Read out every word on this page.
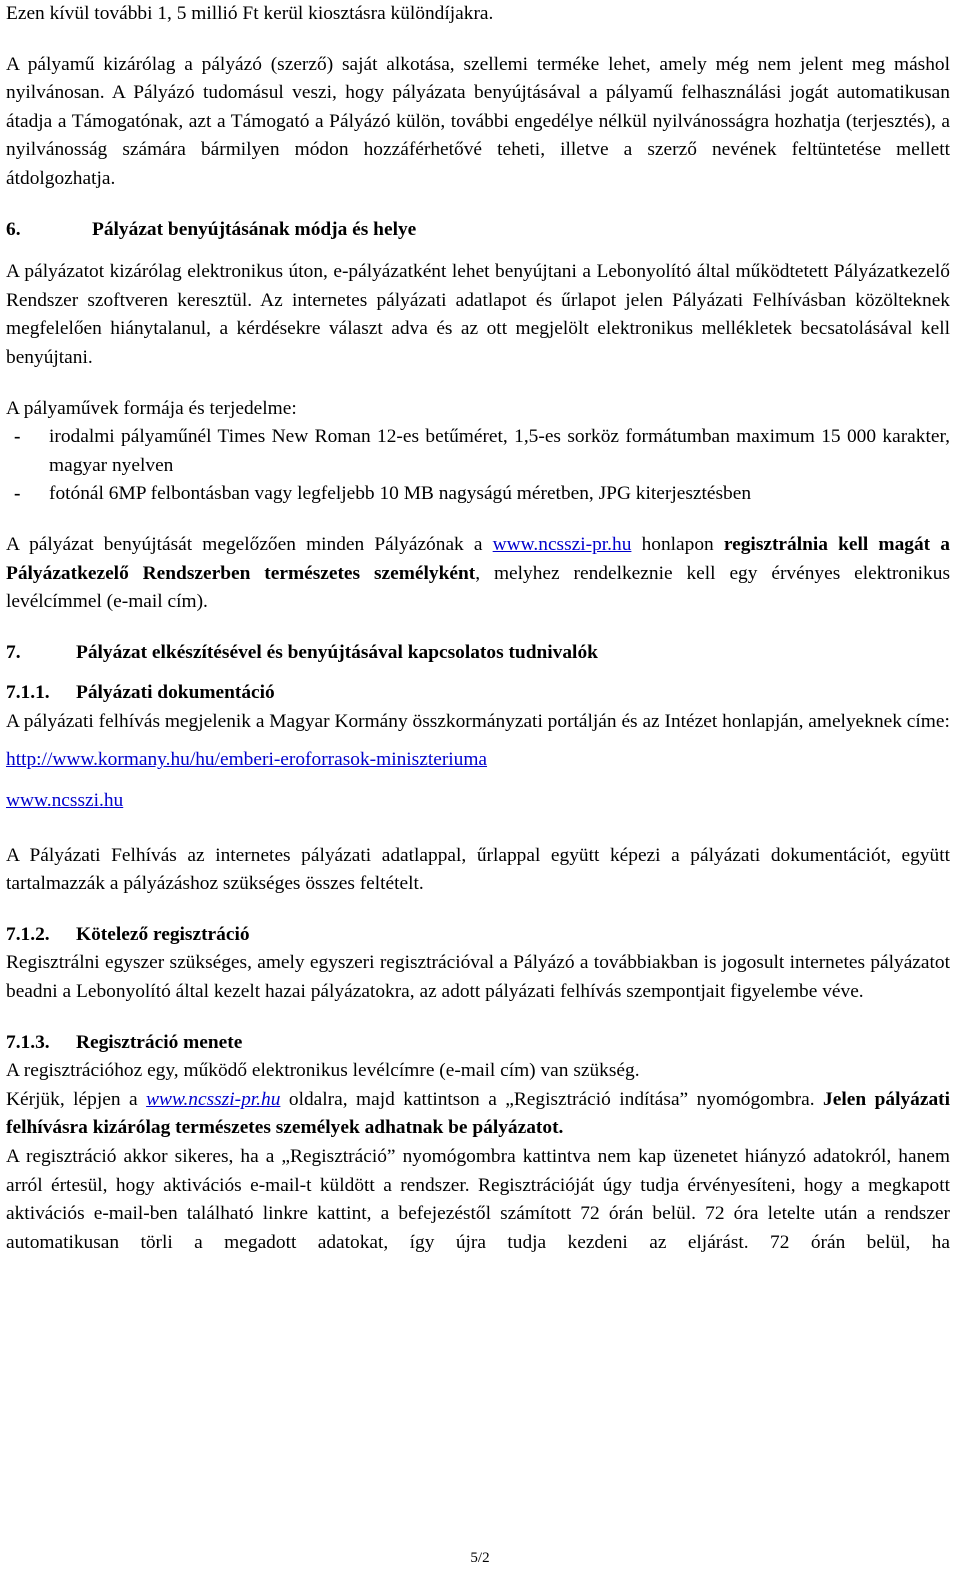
Ezen kívül további 1, 5 millió Ft kerül kiosztásra különdíjakra.

A pályamű kizárólag a pályázó (szerző) saját alkotása, szellemi terméke lehet, amely még nem jelent meg máshol nyilvánosan. A Pályázó tudomásul veszi, hogy pályázata benyújtásával a pályamű felhasználási jogát automatikusan átadja a Támogatónak, azt a Támogató a Pályázó külön, további engedélye nélkül nyilvánosságra hozhatja (terjesztés), a nyilvánosság számára bármilyen módon hozzáférhetővé teheti, illetve a szerző nevének feltüntetése mellett átdolgozhatja.

6.	Pályázat benyújtásának módja és helye

A pályázatot kizárólag elektronikus úton, e-pályázatként lehet benyújtani a Lebonyolító által működtetett Pályázatkezelő Rendszer szoftveren keresztül. Az internetes pályázati adatlapot és űrlapot jelen Pályázati Felhívásban közölteknek megfelelően hiánytalanul, a kérdésekre választ adva és az ott megjelölt elektronikus mellékletek becsatolásával kell benyújtani.

A pályaművek formája és terjedelme:

- irodalmi pályaműnél Times New Roman 12-es betűméret, 1,5-es sorköz formátumban maximum 15 000 karakter, magyar nyelven
- fotónál 6MP felbontásban vagy legfeljebb 10 MB nagyságú méretben, JPG kiterjesztésben

A pályázat benyújtását megelőzően minden Pályázónak a www.ncsszi-pr.hu honlapon regisztrálnia kell magát a Pályázatkezelő Rendszerben természetes személyként, melyhez rendelkeznie kell egy érvényes elektronikus levélcímmel (e-mail cím).

7.	Pályázat elkészítésével és benyújtásával kapcsolatos tudnivalók
7.1.1. Pályázati dokumentáció

A pályázati felhívás megjelenik a Magyar Kormány összkormányzati portálján és az Intézet honlapján, amelyeknek címe:

http://www.kormany.hu/hu/emberi-eroforrasok-miniszteriuma

www.ncsszi.hu

A Pályázati Felhívás az internetes pályázati adatlappal, űrlappal együtt képezi a pályázati dokumentációt, együtt tartalmazzák a pályázáshoz szükséges összes feltételt.

7.1.2. Kötelező regisztráció

Regisztrálni egyszer szükséges, amely egyszeri regisztrációval a Pályázó a továbbiakban is jogosult internetes pályázatot beadni a Lebonyolító által kezelt hazai pályázatokra, az adott pályázati felhívás szempontjait figyelembe véve.

7.1.3. Regisztráció menete

A regisztrációhoz egy, működő elektronikus levélcímre (e-mail cím) van szükség.

Kérjük, lépjen a www.ncsszi-pr.hu oldalra, majd kattintson a „Regisztráció indítása” nyomógombra. Jelen pályázati felhívásra kizárólag természetes személyek adhatnak be pályázatot.

A regisztráció akkor sikeres, ha a „Regisztráció” nyomógombra kattintva nem kap üzenetet hiányzó adatokról, hanem arról értesül, hogy aktivációs e-mail-t küldött a rendszer. Regisztrációját úgy tudja érvényesíteni, hogy a megkapott aktivációs e-mail-ben található linkre kattint, a befejezéstől számított 72 órán belül. 72 óra letelte után a rendszer automatikusan törli a megadott adatokat, így újra tudja kezdeni az eljárást. 72 órán belül, ha

5/2
